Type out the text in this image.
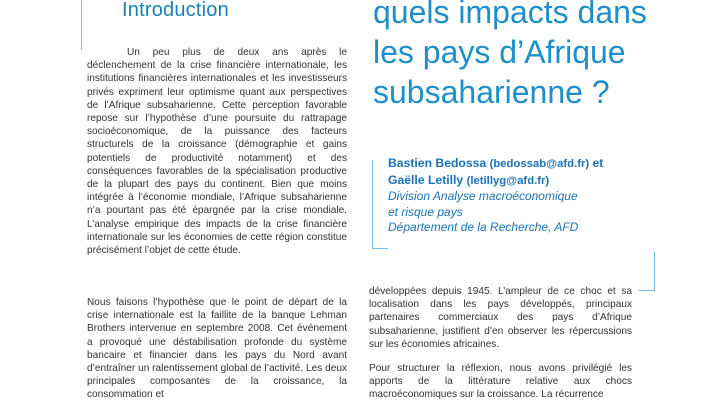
Introduction

Un peu plus de deux ans après le déclenchement de la crise financière internationale, les institutions financières internationales et les investisseurs privés expriment leur optimisme quant aux perspectives de l’Afrique subsaharienne. Cette perception favorable repose sur l’hypothèse d’une poursuite du rattrapage socioéconomique, de la puissance des facteurs structurels de la croissance (démographie et gains potentiels de productivité notamment) et des conséquences favorables de la spécialisation productive de la plupart des pays du continent. Bien que moins intégrée à l’économie mondiale, l’Afrique subsaharienne n’a pourtant pas été épargnée par la crise mondiale. L’analyse empirique des impacts de la crise financière internationale sur les économies de cette région constitue précisément l’objet de cette étude.

Nous faisons l’hypothèse que le point de départ de la crise internationale est la faillite de la banque Lehman Brothers intervenue en septembre 2008. Cet événement a provoqué une déstabilisation profonde du système bancaire et financier dans les pays du Nord avant d’entraîner un ralentissement global de l’activité. Les deux principales composantes de la croissance, la consommation et

quels impacts dans
les pays d’Afrique
subsaharienne ?
Bastien Bedossa (bedossab@afd.fr) et
Gaëlle Letilly (letillyg@afd.fr)
Division Analyse macroéconomique
et risque pays
Département de la Recherche, AFD

développées depuis 1945. L’ampleur de ce choc et sa localisation dans les pays développés, principaux partenaires commerciaux des pays d’Afrique subsaharienne, justifient d’en observer les répercussions sur les économies africaines.

Pour structurer la réflexion, nous avons privilégié les apports de la littérature relative aux chocs macroéconomiques sur la croissance. La récurrence
